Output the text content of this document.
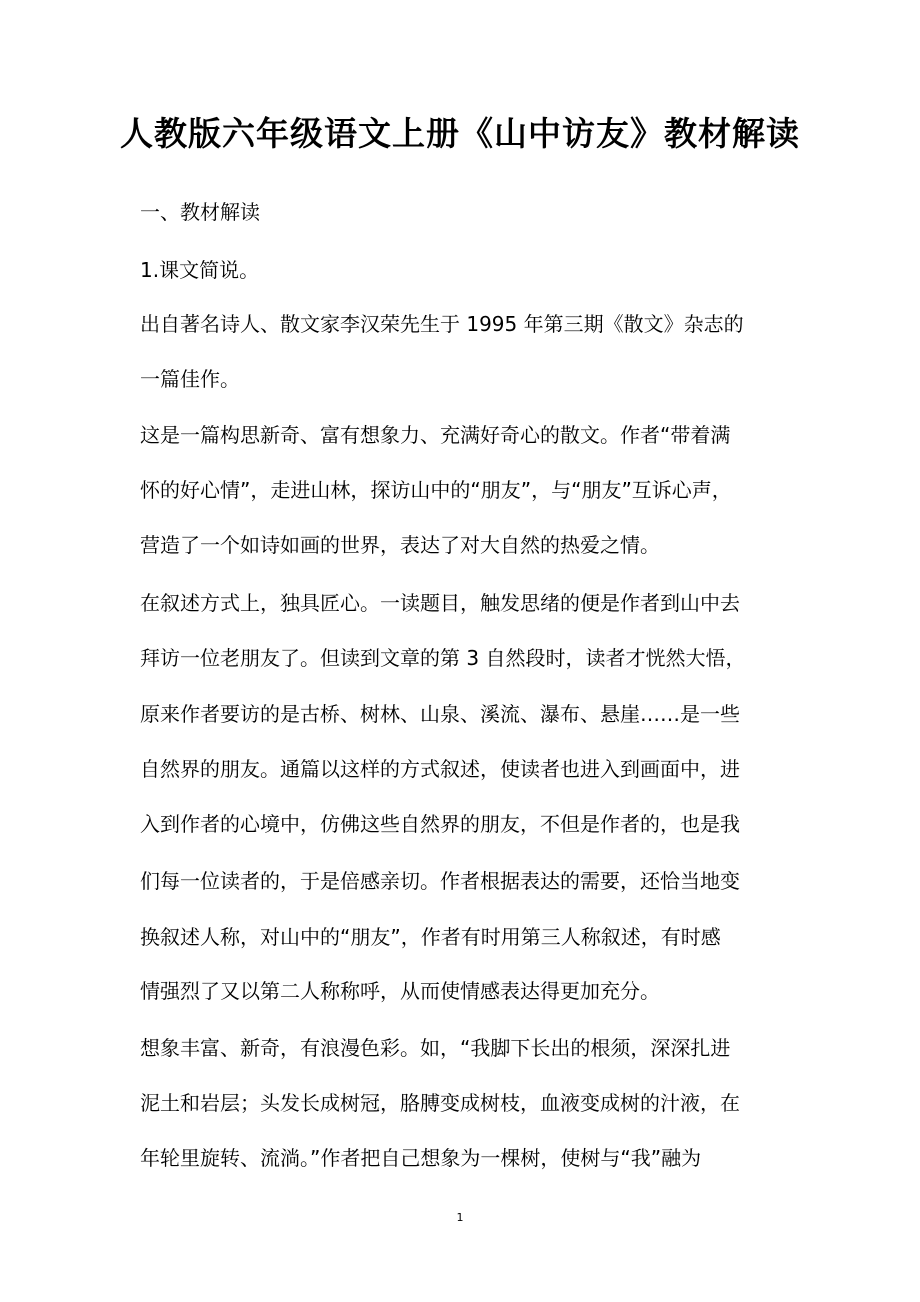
人教版六年级语文上册《山中访友》教材解读
一、教材解读
1.课文简说。
出自著名诗人、散文家李汉荣先生于 1995 年第三期《散文》杂志的
一篇佳作。
这是一篇构思新奇、富有想象力、充满好奇心的散文。作者“带着满
怀的好心情”，走进山林，探访山中的“朋友”，与“朋友”互诉心声，
营造了一个如诗如画的世界，表达了对大自然的热爱之情。
在叙述方式上，独具匠心。一读题目，触发思绪的便是作者到山中去
拜访一位老朋友了。但读到文章的第 3 自然段时，读者才恍然大悟，
原来作者要访的是古桥、树林、山泉、溪流、瀑布、悬崖……是一些
自然界的朋友。通篇以这样的方式叙述，使读者也进入到画面中，进
入到作者的心境中，仿佛这些自然界的朋友，不但是作者的，也是我
们每一位读者的，于是倍感亲切。作者根据表达的需要，还恰当地变
换叙述人称，对山中的“朋友”，作者有时用第三人称叙述，有时感
情强烈了又以第二人称称呼，从而使情感表达得更加充分。
想象丰富、新奇，有浪漫色彩。如，“我脚下长出的根须，深深扎进
泥土和岩层；头发长成树冠，胳膊变成树枝，血液变成树的汁液，在
年轮里旋转、流淌。”作者把自己想象为一棵树，使树与“我”融为
1
